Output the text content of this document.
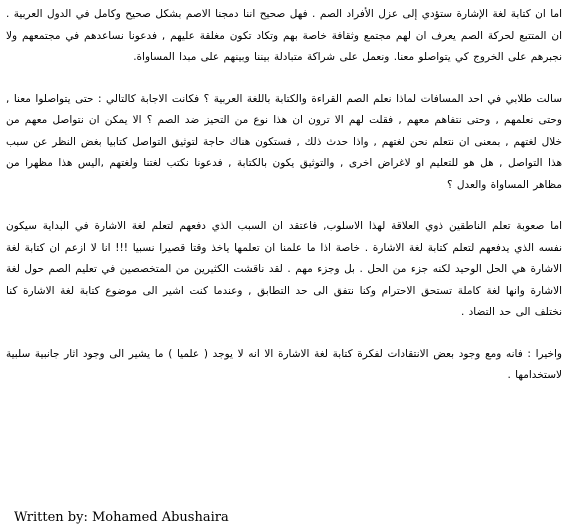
اما ان كتابة لغة الإشارة ستؤدي إلى عزل الأفراد الصم . فهل صحيح اننا دمجنا الاصم بشكل صحيح وكامل في الدول العربية . ان المتتبع لحركة الصم يعرف ان لهم مجتمع وثقافة خاصة بهم وتكاد تكون مغلقة عليهم , فدعونا نساعدهم في مجتمعهم ولا نجبرهم على الخروج كي يتواصلو معنا. ونعمل على شراكة متبادلة بيننا وبينهم على مبدا المساواة.

سالت طلابي في احد المسافات لماذا نعلم الصم القراءة والكتابة باللغة العربية ؟ فكانت الاجابة كالتالي : حتى يتواصلوا معنا , وحتى نعلمهم , وحتى نتفاهم معهم , فقلت لهم الا ترون ان هذا نوع من التحيز ضد الصم ؟ الا يمكن ان نتواصل معهم من خلال لغتهم , بمعنى ان نتعلم نحن لغتهم , واذا حدث ذلك , فستكون هناك حاجة لتوثيق التواصل كتابيا بغض النظر عن سبب هذا التواصل , هل هو للتعليم او لاغراض اخرى , والتوثيق يكون بالكتابة , فدعونا نكتب لغتنا ولغتهم ,اليس هذا مظهرا من مظاهر المساواة والعدل ؟

اما صعوبة تعلم الناطقين ذوي العلاقة لهذا الاسلوب, فاعتقد ان السبب الذي دفعهم لتعلم لغة الاشارة في البداية سيكون نفسه الذي يدفعهم لتعلم كتابة لغة الاشارة . خاصة اذا ما علمنا ان تعلمها ياخذ وقتا قصيرا نسبيا !!! انا لا ازعم ان كتابة لغة الاشارة هي الحل الوحيد لكنه جزء من الحل . بل وجزء مهم . لقد ناقشت الكثيرين من المتخصصين في تعليم الصم حول لغة الاشارة وانها لغة كاملة تستحق الاحترام وكنا نتفق الى حد التطابق , وعندما كنت اشير الى موضوع كتابة لغة الاشارة كنا نختلف الى حد التضاد .

واخيرا : فانه ومع وجود بعض الانتقادات لفكرة كتابة لغة الاشارة الا انه لا يوجد ( علميا ) ما يشير الى وجود اثار جانبية سلبية لاستخدامها .

Written by: Mohamed Abushaira
